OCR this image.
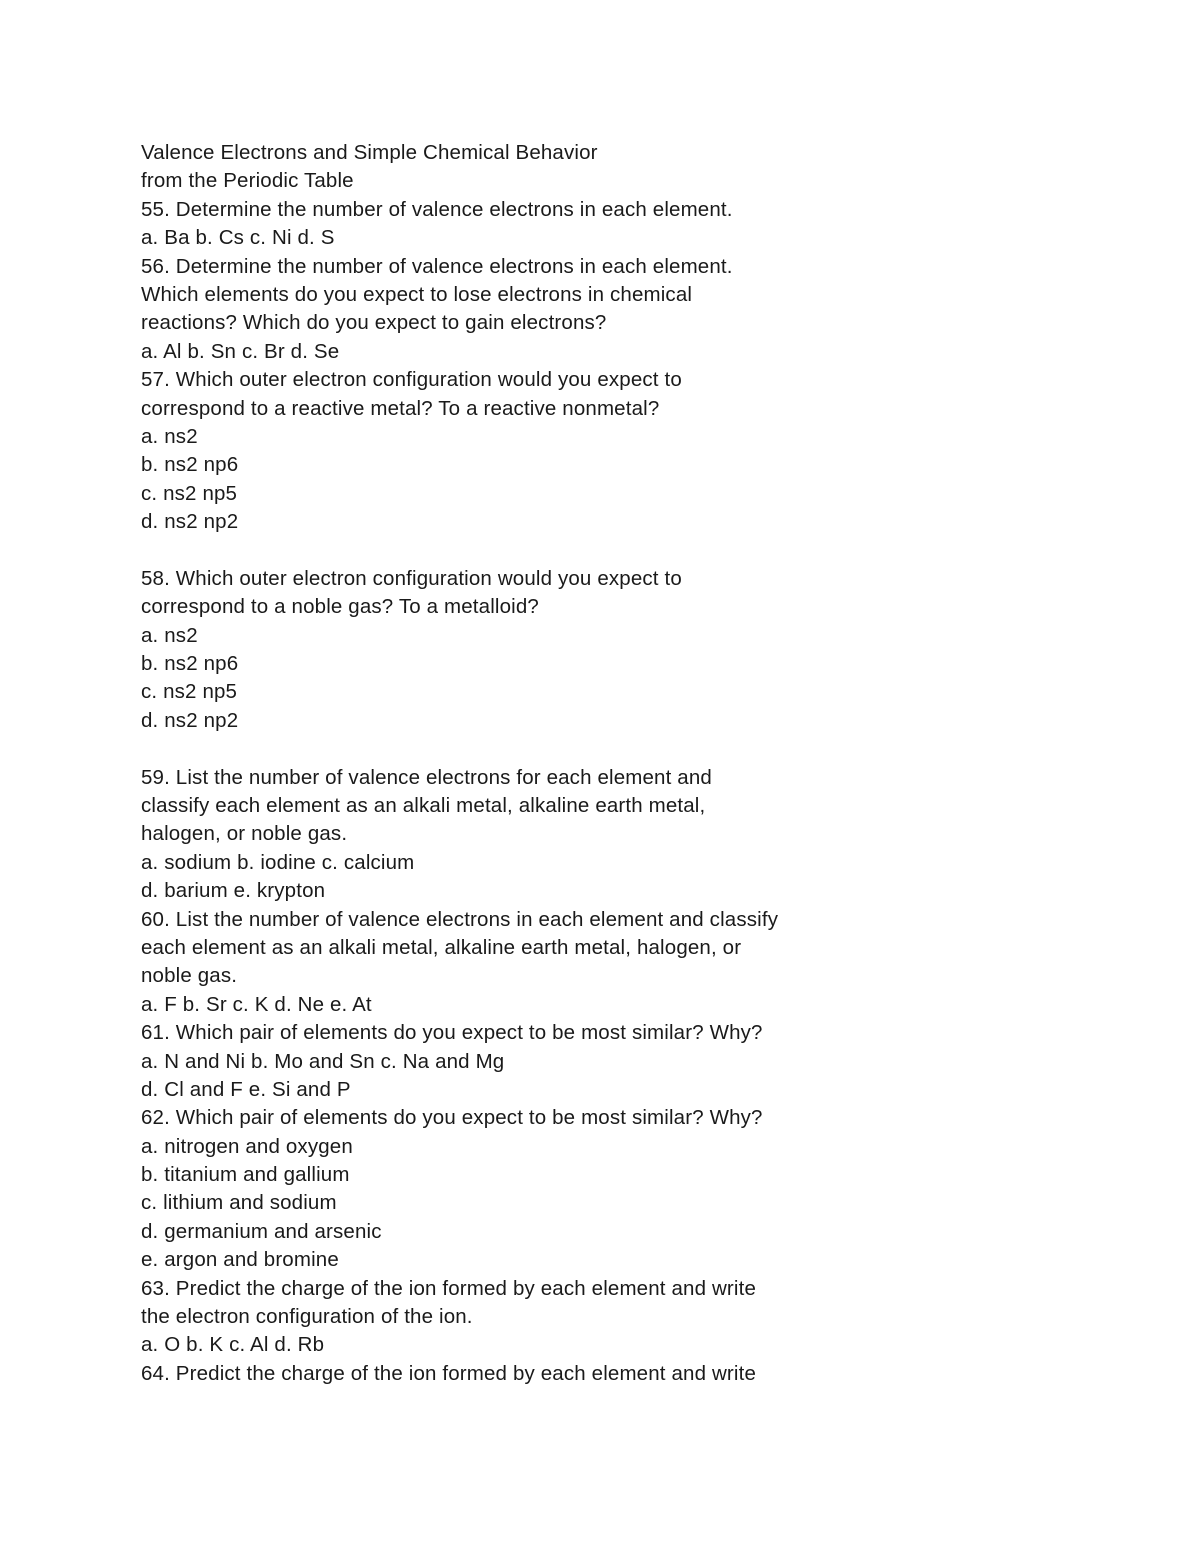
Valence Electrons and Simple Chemical Behavior
from the Periodic Table
55. Determine the number of valence electrons in each element.
a. Ba b. Cs c. Ni d. S
56. Determine the number of valence electrons in each element.
Which elements do you expect to lose electrons in chemical
reactions? Which do you expect to gain electrons?
a. Al b. Sn c. Br d. Se
57. Which outer electron configuration would you expect to
correspond to a reactive metal? To a reactive nonmetal?
a. ns2
b. ns2 np6
c. ns2 np5
d. ns2 np2
58. Which outer electron configuration would you expect to
correspond to a noble gas? To a metalloid?
a. ns2
b. ns2 np6
c. ns2 np5
d. ns2 np2
59. List the number of valence electrons for each element and
classify each element as an alkali metal, alkaline earth metal,
halogen, or noble gas.
a. sodium b. iodine c. calcium
d. barium e. krypton
60. List the number of valence electrons in each element and classify
each element as an alkali metal, alkaline earth metal, halogen, or
noble gas.
a. F b. Sr c. K d. Ne e. At
61. Which pair of elements do you expect to be most similar? Why?
a. N and Ni b. Mo and Sn c. Na and Mg
d. Cl and F e. Si and P
62. Which pair of elements do you expect to be most similar? Why?
a. nitrogen and oxygen
b. titanium and gallium
c. lithium and sodium
d. germanium and arsenic
e. argon and bromine
63. Predict the charge of the ion formed by each element and write
the electron configuration of the ion.
a. O b. K c. Al d. Rb
64. Predict the charge of the ion formed by each element and write
